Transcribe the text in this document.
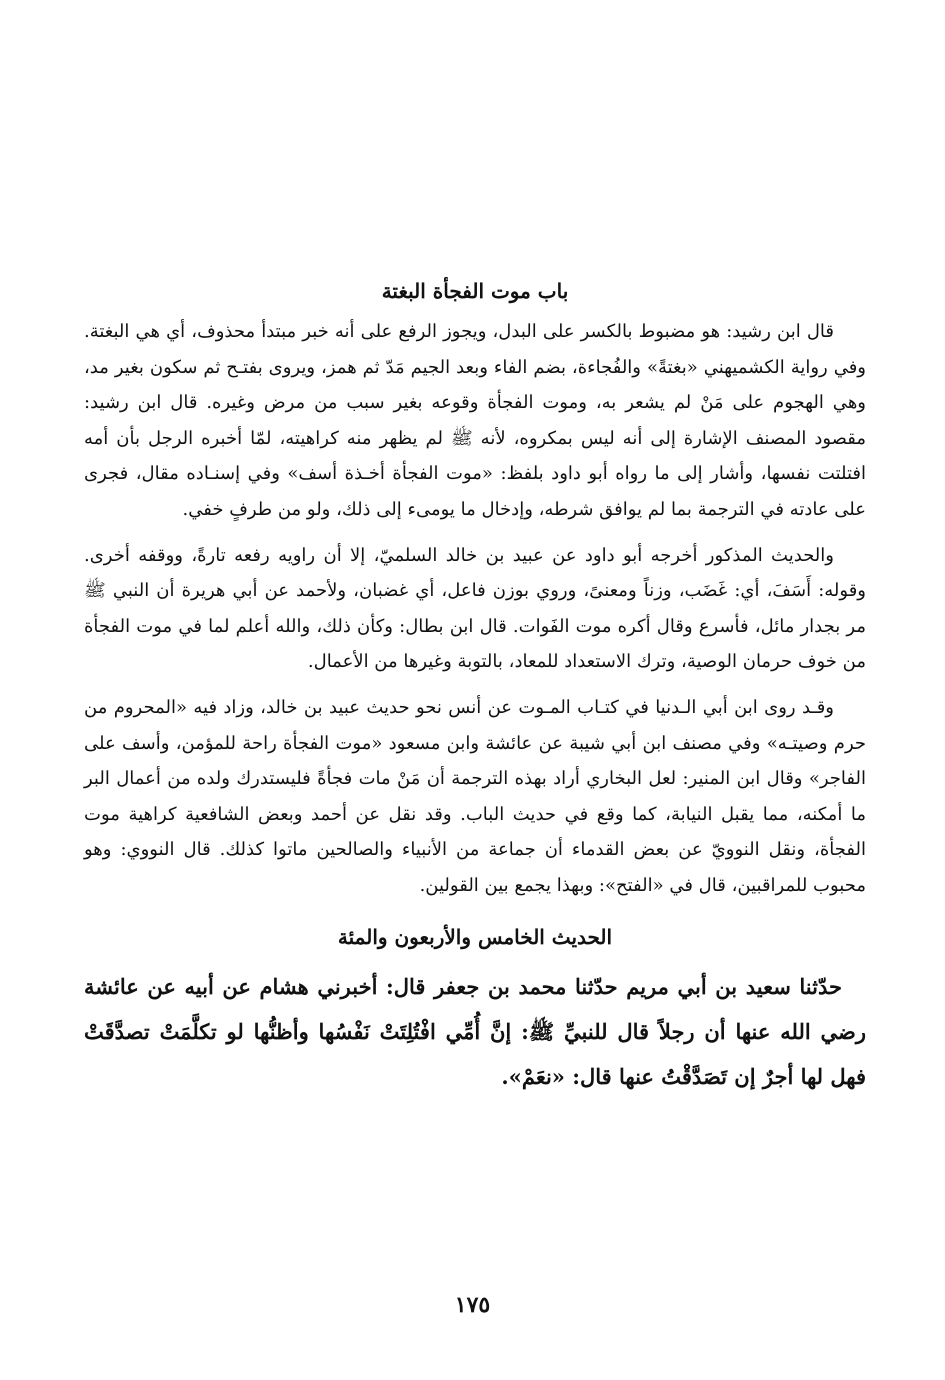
باب موت الفجأة البغتة

قال ابن رشيد: هو مضبوط بالكسر على البدل، ويجوز الرفع على أنه خبر مبتدأ محذوف، أي هي البغتة. وفي رواية الكشميهني «بغتةً» والفُجاءة، بضم الفاء وبعد الجيم مَدّ ثم همز، ويروى بفتـح ثم سكون بغير مد، وهي الهجوم على مَنْ لم يشعر به، وموت الفجأة وقوعه بغير سبب من مرض وغيره. قال ابن رشيد: مقصود المصنف الإشارة إلى أنه ليس بمكروه، لأنه ﷺ لم يظهر منه كراهيته، لمّا أخبره الرجل بأن أمه افتلتت نفسها، وأشار إلى ما رواه أبو داود بلفظ: «موت الفجأة أخـذة أسف» وفي إسنـاده مقال، فجرى على عادته في الترجمة بما لم يوافق شرطه، وإدخال ما يومىء إلى ذلك، ولو من طرفٍ خفي.

والحديث المذكور أخرجه أبو داود عن عبيد بن خالد السلميّ، إلا أن راويه رفعه تارةً، ووقفه أخرى. وقوله: أَسَفَ، أي: غَضَب، وزناً ومعنىً، وروي بوزن فاعل، أي غضبان، ولأحمد عن أبي هريرة أن النبي ﷺ مر بجدار مائل، فأسرع وقال أكره موت الفَوات. قال ابن بطال: وكأن ذلك، والله أعلم لما في موت الفجأة من خوف حرمان الوصية، وترك الاستعداد للمعاد، بالتوبة وغيرها من الأعمال.

وقـد روى ابن أبي الـدنيا في كتـاب المـوت عن أنس نحو حديث عبيد بن خالد، وزاد فيه «المحروم من حرم وصيتـه» وفي مصنف ابن أبي شيبة عن عائشة وابن مسعود «موت الفجأة راحة للمؤمن، وأسف على الفاجر» وقال ابن المنير: لعل البخاري أراد بهذه الترجمة أن مَنْ مات فجأةً فليستدرك ولده من أعمال البر ما أمكنه، مما يقبل النيابة، كما وقع في حديث الباب. وقد نقل عن أحمد وبعض الشافعية كراهية موت الفجأة، ونقل النوويّ عن بعض القدماء أن جماعة من الأنبياء والصالحين ماتوا كذلك. قال النووي: وهو محبوب للمراقبين، قال في «الفتح»: وبهذا يجمع بين القولين.

الحديث الخامس والأربعون والمئة

حدّثنا سعيد بن أبي مريم حدّثنا محمد بن جعفر قال: أخبرني هشام عن أبيه عن عائشة رضي الله عنها أن رجلاً قال للنبيِّ ﷺ: إنَّ أُمِّي افْتُلِتَتْ نَفْسُها وأظنُّها لو تكلَّمَتْ تصدَّقَتْ فهل لها أجرٌ إن تَصَدَّقْتُ عنها قال: «نعَمْ».

١٧٥
